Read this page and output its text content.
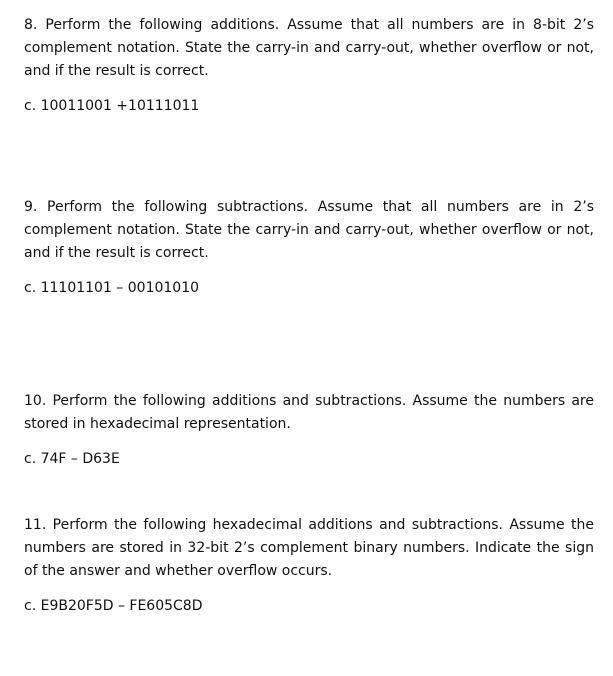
8. Perform the following additions. Assume that all numbers are in 8-bit 2’s complement notation. State the carry-in and carry-out, whether overflow or not, and if the result is correct.

c. 10011001 +10111011

9. Perform the following subtractions. Assume that all numbers are in 2’s complement notation. State the carry-in and carry-out, whether overflow or not, and if the result is correct.

c. 11101101 – 00101010

10. Perform the following additions and subtractions. Assume the numbers are stored in hexadecimal representation.

c. 74F – D63E

11. Perform the following hexadecimal additions and subtractions. Assume the numbers are stored in 32-bit 2’s complement binary numbers. Indicate the sign of the answer and whether overflow occurs.

c. E9B20F5D – FE605C8D
